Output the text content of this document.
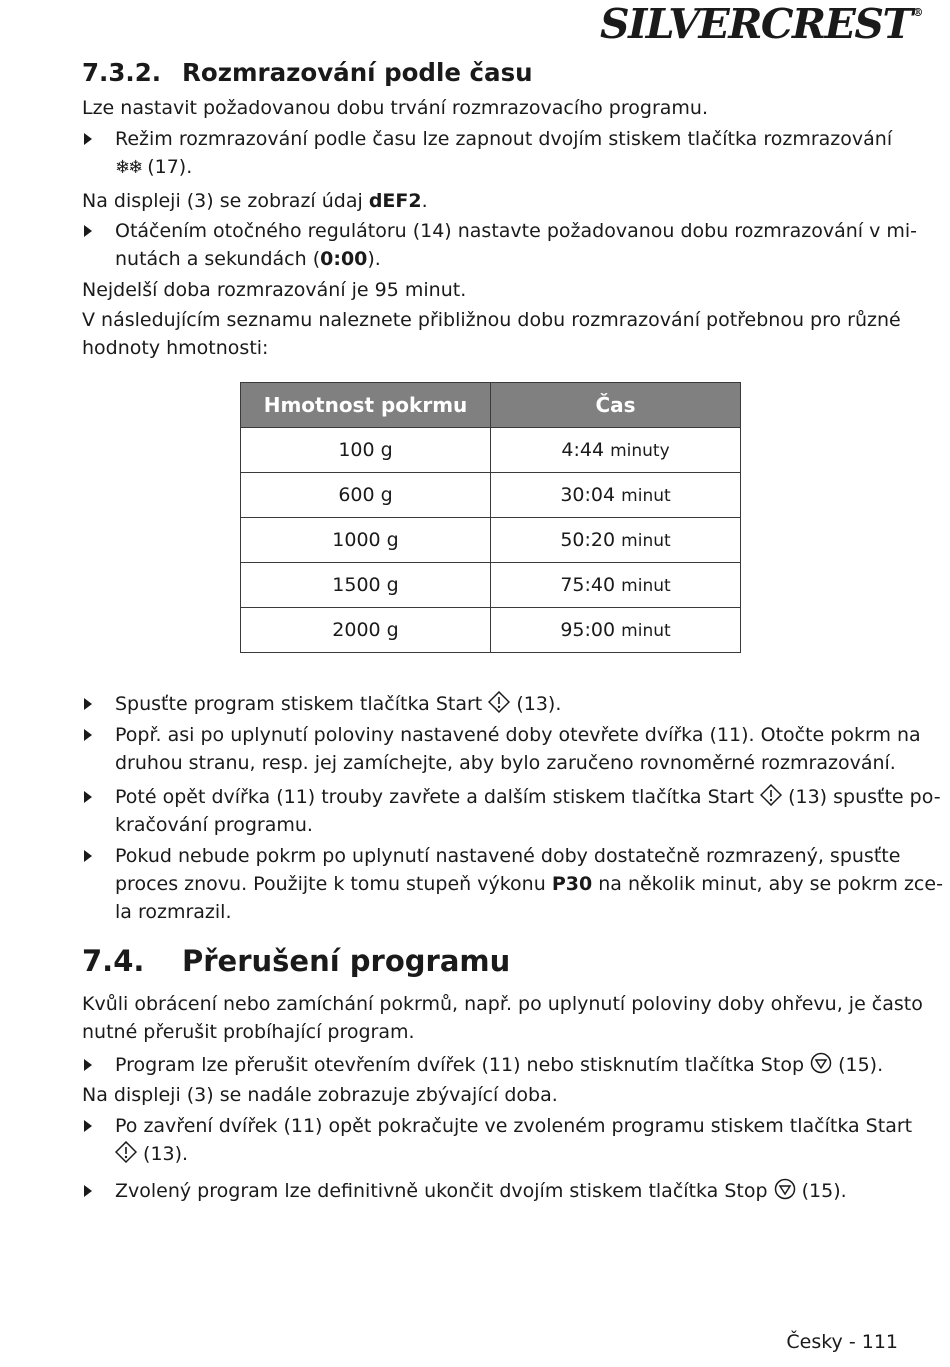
SILVERCREST®
7.3.2. Rozmrazování podle času

Lze nastavit požadovanou dobu trvání rozmrazovacího programu.

Režim rozmrazování podle času lze zapnout dvojím stiskem tlačítka rozmrazování
❄❄ (17).

Na displeji (3) se zobrazí údaj dEF2.

Otáčením otočného regulátoru (14) nastavte požadovanou dobu rozmrazování v mi-
nutách a sekundách (0:00).

Nejdelší doba rozmrazování je 95 minut.

V následujícím seznamu naleznete přibližnou dobu rozmrazování potřebnou pro různé
hodnoty hmotnosti:
Hmotnost pokrmu	Čas
100 g	4:44 minuty
600 g	30:04 minut
1000 g	50:20 minut
1500 g	75:40 minut
2000 g	95:00 minut
Spusťte program stiskem tlačítka Start
(13).
Popř. asi po uplynutí poloviny nastavené doby otevřete dvířka (11). Otočte pokrm na
druhou stranu, resp. jej zamíchejte, aby bylo zaručeno rovnoměrné rozmrazování.
Poté opět dvířka (11) trouby zavřete a dalším stiskem tlačítka Start
(13) spusťte po-
kračování programu.
Pokud nebude pokrm po uplynutí nastavené doby dostatečně rozmrazený, spusťte
proces znovu. Použijte k tomu stupeň výkonu P30 na několik minut, aby se pokrm zce-
la rozmrazil.
7.4. Přerušení programu
Kvůli obrácení nebo zamíchání pokrmů, např. po uplynutí poloviny doby ohřevu, je často
nutné přerušit probíhající program.
Program lze přerušit otevřením dvířek (11) nebo stisknutím tlačítka Stop
(15).

Na displeji (3) se nadále zobrazuje zbývající doba.

Po zavření dvířek (11) opět pokračujte ve zvoleném programu stiskem tlačítka Start
(13).
Zvolený program lze definitivně ukončit dvojím stiskem tlačítka Stop
(15).
Česky - 111
